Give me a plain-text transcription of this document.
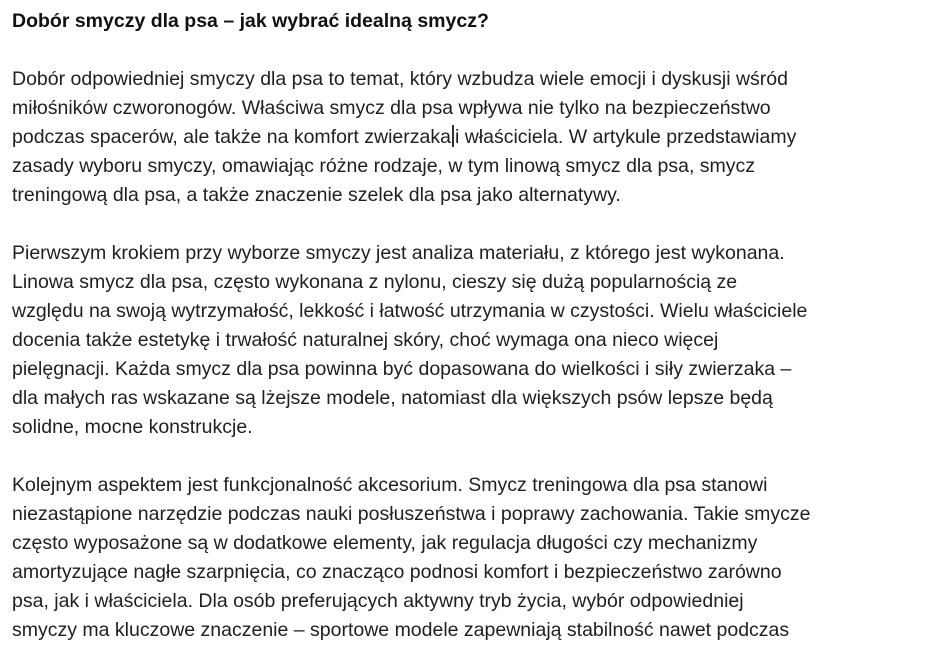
Dobór smyczy dla psa – jak wybrać idealną smycz?

Dobór odpowiedniej smyczy dla psa to temat, który wzbudza wiele emocji i dyskusji wśród
miłośników czworonogów. Właściwa smycz dla psa wpływa nie tylko na bezpieczeństwo
podczas spacerów, ale także na komfort zwierzaka i właściciela. W artykule przedstawiamy
zasady wyboru smyczy, omawiając różne rodzaje, w tym linową smycz dla psa, smycz
treningową dla psa, a także znaczenie szelek dla psa jako alternatywy.

Pierwszym krokiem przy wyborze smyczy jest analiza materiału, z którego jest wykonana.
Linowa smycz dla psa, często wykonana z nylonu, cieszy się dużą popularnością ze
względu na swoją wytrzymałość, lekkość i łatwość utrzymania w czystości. Wielu właściciele
docenia także estetykę i trwałość naturalnej skóry, choć wymaga ona nieco więcej
pielęgnacji. Każda smycz dla psa powinna być dopasowana do wielkości i siły zwierzaka –
dla małych ras wskazane są lżejsze modele, natomiast dla większych psów lepsze będą
solidne, mocne konstrukcje.

Kolejnym aspektem jest funkcjonalność akcesorium. Smycz treningowa dla psa stanowi
niezastąpione narzędzie podczas nauki posłuszeństwa i poprawy zachowania. Takie smycze
często wyposażone są w dodatkowe elementy, jak regulacja długości czy mechanizmy
amortyzujące nagłe szarpnięcia, co znacząco podnosi komfort i bezpieczeństwo zarówno
psa, jak i właściciela. Dla osób preferujących aktywny tryb życia, wybór odpowiedniej
smyczy ma kluczowe znaczenie – sportowe modele zapewniają stabilność nawet podczas
